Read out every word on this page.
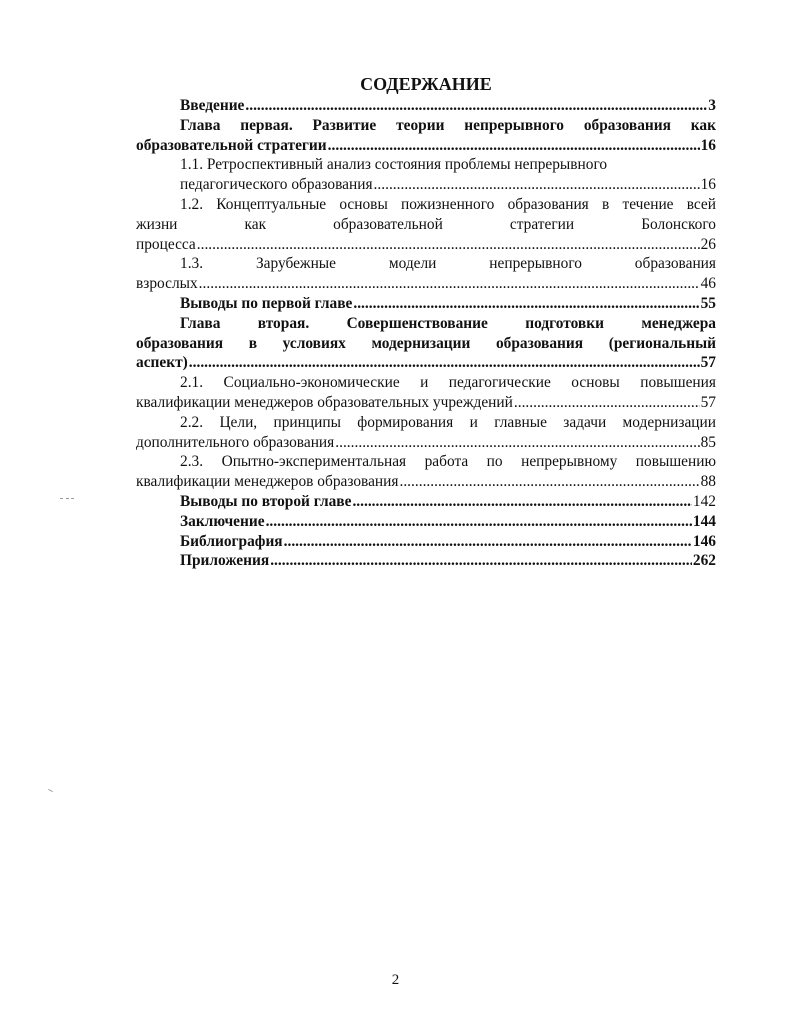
СОДЕРЖАНИЕ
Введение .....	3
Глава первая. Развитие теории непрерывного образования как
образовательной стратегии .....	16
1.1. Ретроспективный анализ состояния проблемы непрерывного
педагогического образования .....	16
1.2. Концептуальные основы пожизненного образования в течение всей
жизни как образовательной стратегии Болонского
процесса .....	26
1.3. Зарубежные модели непрерывного образования
взрослых .....	46
Выводы по первой главе .....	55
Глава вторая. Совершенствование подготовки менеджера
образования в условиях модернизации образования (региональный
аспект) .....	57
2.1. Социально-экономические и педагогические основы повышения
квалификации менеджеров образовательных учреждений .....	57
2.2. Цели, принципы формирования и главные задачи модернизации
дополнительного образования .....	85
2.3. Опытно-экспериментальная работа по непрерывному повышению
квалификации менеджеров образования .....	88
Выводы по второй главе .....	142
Заключение .....	144
Библиография .....	146
Приложения .....	262
2
